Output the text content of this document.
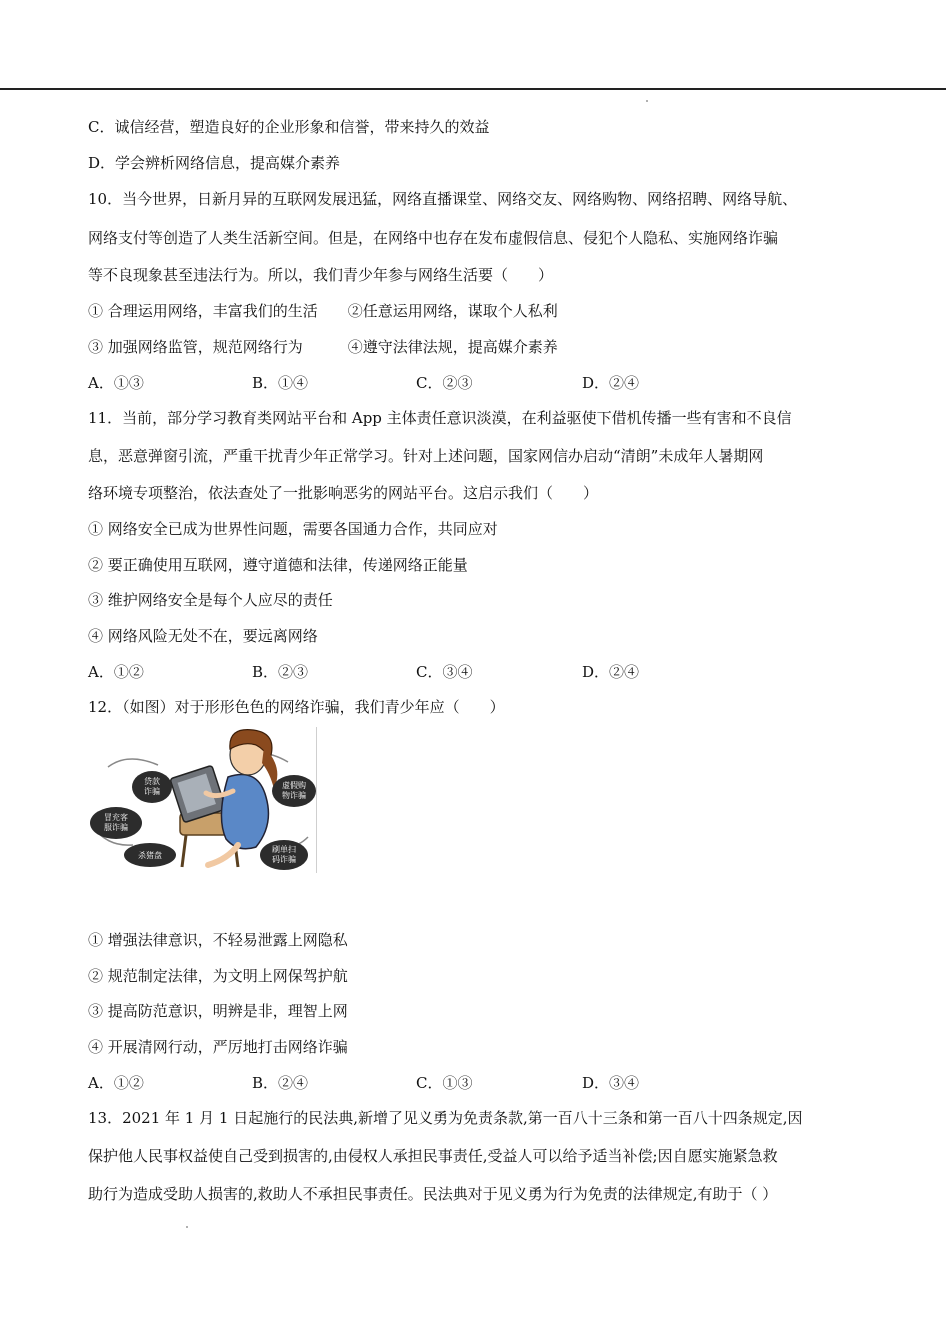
C．诚信经营，塑造良好的企业形象和信誉，带来持久的效益
D．学会辨析网络信息，提高媒介素养
10．当今世界，日新月异的互联网发展迅猛，网络直播课堂、网络交友、网络购物、网络招聘、网络导航、
网络支付等创造了人类生活新空间。但是，在网络中也存在发布虚假信息、侵犯个人隐私、实施网络诈骗
等不良现象甚至违法行为。所以，我们青少年参与网络生活要（　　）
① 合理运用网络，丰富我们的生活　　②任意运用网络，谋取个人私利
③ 加强网络监管，规范网络行为　　　④遵守法律法规，提高媒介素养
A．①③	B．①④	C．②③	D．②④
11．当前，部分学习教育类网站平台和 App 主体责任意识淡漠，在利益驱使下借机传播一些有害和不良信
息，恶意弹窗引流，严重干扰青少年正常学习。针对上述问题，国家网信办启动“清朗”未成年人暑期网
络环境专项整治，依法查处了一批影响恶劣的网站平台。这启示我们（　　）
① 网络安全已成为世界性问题，需要各国通力合作，共同应对
② 要正确使用互联网，遵守道德和法律，传递网络正能量
③ 维护网络安全是每个人应尽的责任
④ 网络风险无处不在，要远离网络
A．①②	B．②③	C．③④	D．②④
12．（如图）对于形形色色的网络诈骗，我们青少年应（　　）
贷款
诈骗
虚假购
物诈骗
冒充客
服诈骗
杀猪盘
刷单扫
码诈骗
① 增强法律意识，不轻易泄露上网隐私
② 规范制定法律，为文明上网保驾护航
③ 提高防范意识，明辨是非，理智上网
④ 开展清网行动，严厉地打击网络诈骗
A．①②	B．②④	C．①③	D．③④
13．2021 年 1 月 1 日起施行的民法典,新增了见义勇为免责条款,第一百八十三条和第一百八十四条规定,因
保护他人民事权益使自己受到损害的,由侵权人承担民事责任,受益人可以给予适当补偿;因自愿实施紧急救
助行为造成受助人损害的,救助人不承担民事责任。民法典对于见义勇为行为免责的法律规定,有助于（ ）
